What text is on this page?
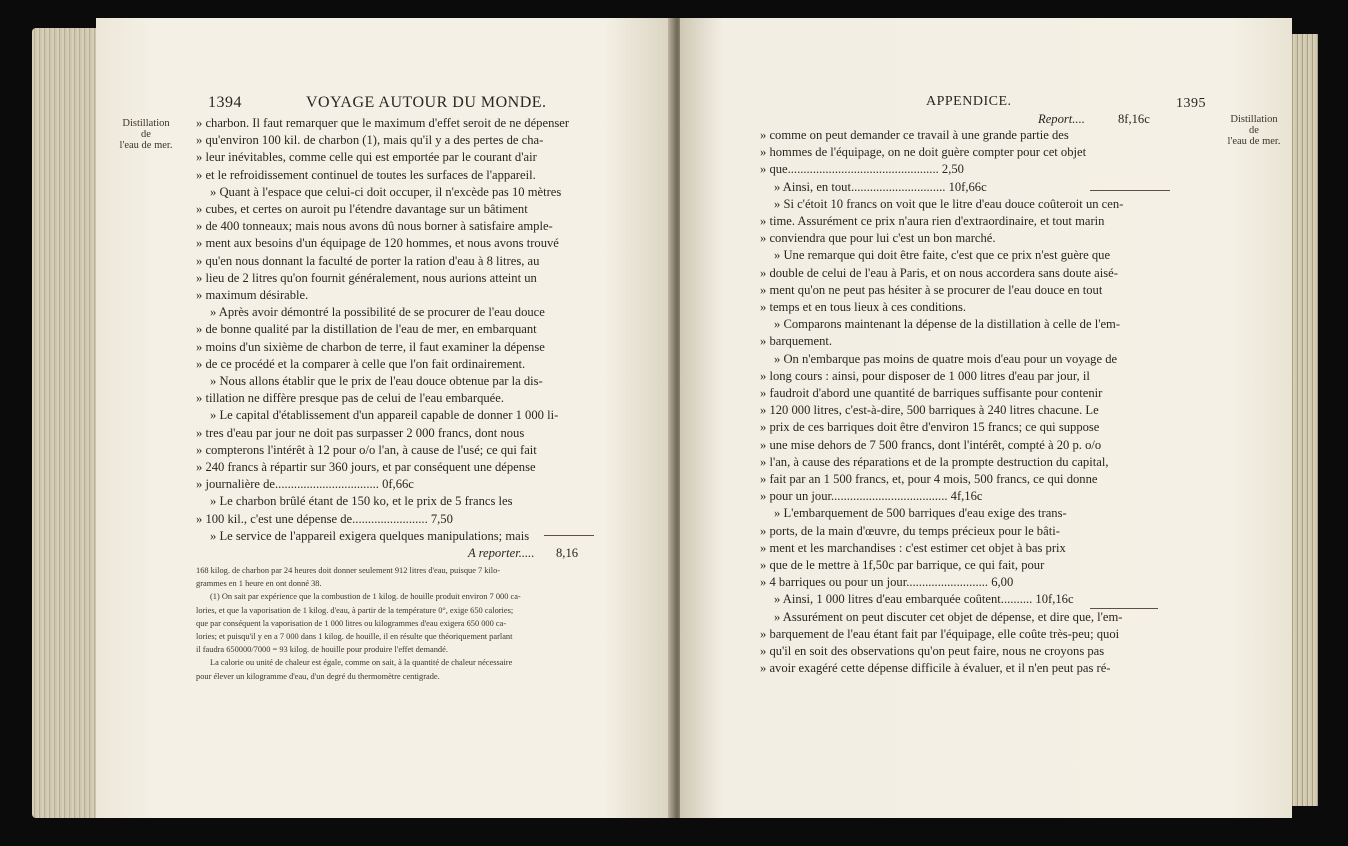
1394	VOYAGE AUTOUR DU MONDE.
Distillation
de
l'eau de mer.
» charbon. Il faut remarquer que le maximum d'effet seroit de ne dépenser
» qu'environ 100 kil. de charbon (1), mais qu'il y a des pertes de cha-
» leur inévitables, comme celle qui est emportée par le courant d'air
» et le refroidissement continuel de toutes les surfaces de l'appareil.
» Quant à l'espace que celui-ci doit occuper, il n'excède pas 10 mètres
» cubes, et certes on auroit pu l'étendre davantage sur un bâtiment
» de 400 tonneaux; mais nous avons dû nous borner à satisfaire ample-
» ment aux besoins d'un équipage de 120 hommes, et nous avons trouvé
» qu'en nous donnant la faculté de porter la ration d'eau à 8 litres, au
» lieu de 2 litres qu'on fournit généralement, nous aurions atteint un
» maximum désirable.
» Après avoir démontré la possibilité de se procurer de l'eau douce
» de bonne qualité par la distillation de l'eau de mer, en embarquant
» moins d'un sixième de charbon de terre, il faut examiner la dépense
» de ce procédé et la comparer à celle que l'on fait ordinairement.
» Nous allons établir que le prix de l'eau douce obtenue par la dis-
» tillation ne diffère presque pas de celui de l'eau embarquée.
» Le capital d'établissement d'un appareil capable de donner 1 000 li-
» tres d'eau par jour ne doit pas surpasser 2 000 francs, dont nous
» compterons l'intérêt à 12 pour o/o l'an, à cause de l'usé; ce qui fait
» 240 francs à répartir sur 360 jours, et par conséquent une dépense
» journalière de................................. 0f,66c
» Le charbon brûlé étant de 150 ko, et le prix de 5 francs les
» 100 kil., c'est une dépense de........................ 7,50
» Le service de l'appareil exigera quelques manipulations; mais
A reporter..... 8,16
168 kilog. de charbon par 24 heures doit donner seulement 912 litres d'eau, puisque 7 kilo-
grammes en 1 heure en ont donné 38.
(1) On sait par expérience que la combustion de 1 kilog. de houille produit environ 7 000 ca-
lories, et que la vaporisation de 1 kilog. d'eau, à partir de la température 0°, exige 650 calories;
que par conséquent la vaporisation de 1 000 litres ou kilogrammes d'eau exigera 650 000 ca-
lories; et puisqu'il y en a 7 000 dans 1 kilog. de houille, il en résulte que théoriquement parlant
il faudra 650000/7000 = 93 kilog. de houille pour produire l'effet demandé.
La calorie ou unité de chaleur est égale, comme on sait, à la quantité de chaleur nécessaire
pour élever un kilogramme d'eau, d'un degré du thermomètre centigrade.
APPENDICE.	1395
Distillation
de
l'eau de mer.
Report....	8f,16c
» comme on peut demander ce travail à une grande partie des
» hommes de l'équipage, on ne doit guère compter pour cet objet
» que................................................ 2,50
» Ainsi, en tout.............................. 10f,66c
» Si c'étoit 10 francs on voit que le litre d'eau douce coûteroit un cen-
» time. Assurément ce prix n'aura rien d'extraordinaire, et tout marin
» conviendra que pour lui c'est un bon marché.
» Une remarque qui doit être faite, c'est que ce prix n'est guère que
» double de celui de l'eau à Paris, et on nous accordera sans doute aisé-
» ment qu'on ne peut pas hésiter à se procurer de l'eau douce en tout
» temps et en tous lieux à ces conditions.
» Comparons maintenant la dépense de la distillation à celle de l'em-
» barquement.
» On n'embarque pas moins de quatre mois d'eau pour un voyage de
» long cours : ainsi, pour disposer de 1 000 litres d'eau par jour, il
» faudroit d'abord une quantité de barriques suffisante pour contenir
» 120 000 litres, c'est-à-dire, 500 barriques à 240 litres chacune. Le
» prix de ces barriques doit être d'environ 15 francs; ce qui suppose
» une mise dehors de 7 500 francs, dont l'intérêt, compté à 20 p. o/o
» l'an, à cause des réparations et de la prompte destruction du capital,
» fait par an 1 500 francs, et, pour 4 mois, 500 francs, ce qui donne
» pour un jour..................................... 4f,16c
» L'embarquement de 500 barriques d'eau exige des trans-
» ports, de la main d'œuvre, du temps précieux pour le bâti-
» ment et les marchandises : c'est estimer cet objet à bas prix
» que de le mettre à 1f,50c par barrique, ce qui fait, pour
» 4 barriques ou pour un jour.......................... 6,00
» Ainsi, 1 000 litres d'eau embarquée coûtent.......... 10f,16c
» Assurément on peut discuter cet objet de dépense, et dire que, l'em-
» barquement de l'eau étant fait par l'équipage, elle coûte très-peu; quoi
» qu'il en soit des observations qu'on peut faire, nous ne croyons pas
» avoir exagéré cette dépense difficile à évaluer, et il n'en peut pas ré-
